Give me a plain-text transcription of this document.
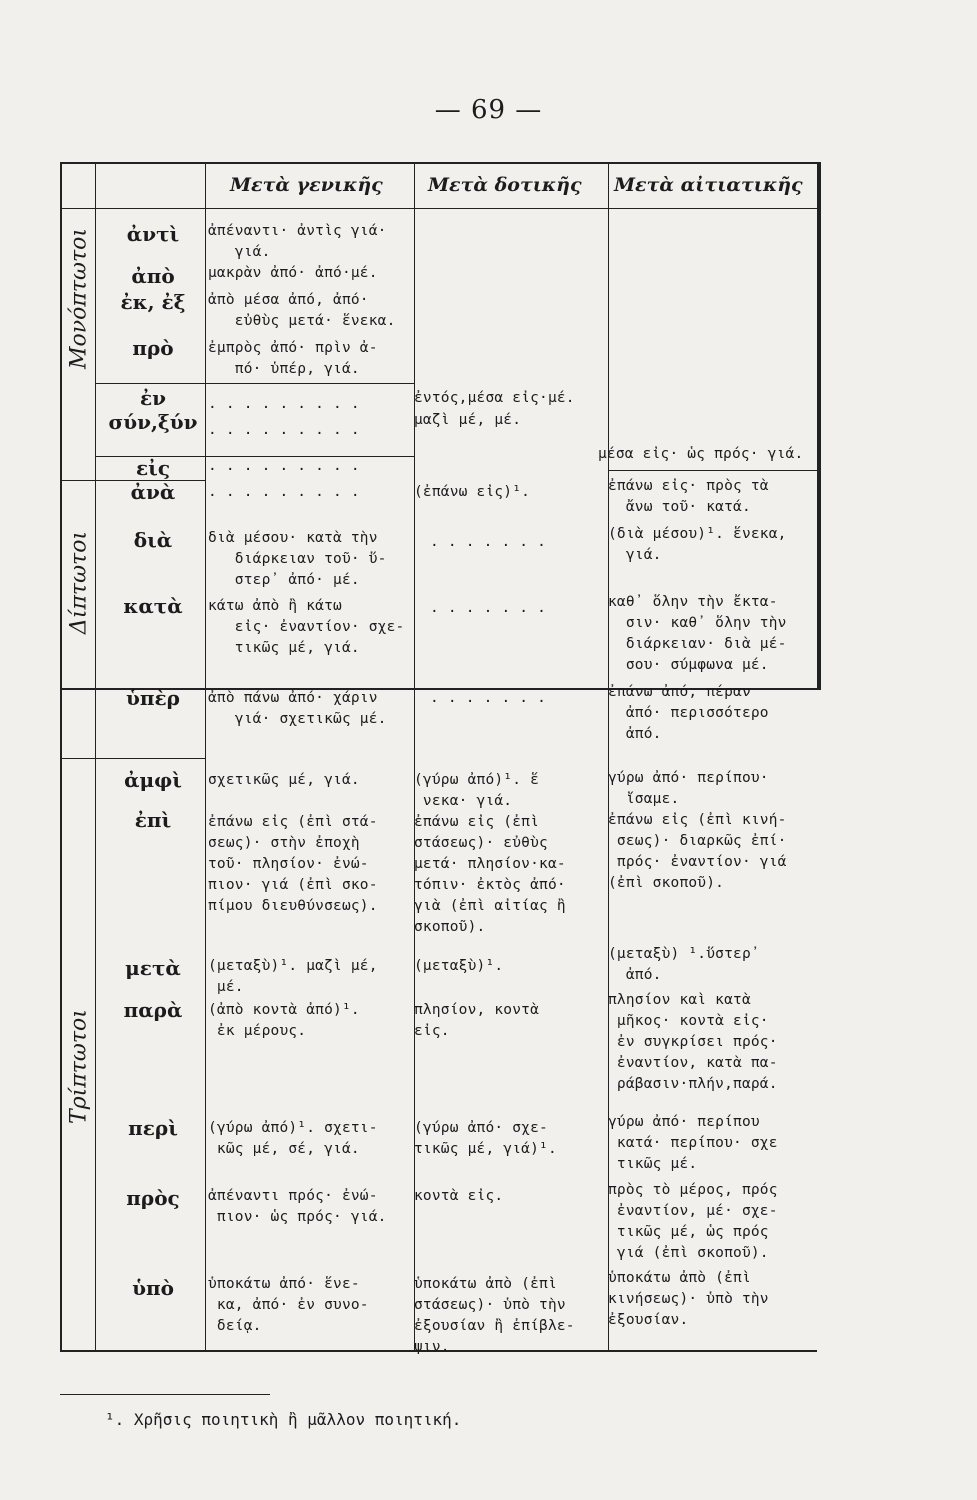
— 69 —
Μετὰ γενικῆς Μετὰ δοτικῆς Μετὰ αἰτιατικῆς
Μονόπτωτοι
Δίπτωτοι
Τρίπτωτοι
ἀντὶ
ἀπὸ
ἐκ, ἐξ
πρὸ
ἐν
σύν,ξύν
εἰς
ἀνὰ
διὰ
κατὰ
ὑπὲρ
ἀμφὶ
ἐπὶ
μετὰ
παρὰ
περὶ
πρὸς
ὑπὸ
ἀπέναντι· ἀντὶς γιά·
γιά.
μακρὰν ἀπό· ἀπό·μέ.
ἀπὸ μέσα ἀπό, ἀπό·
εὐθὺς μετά· ἕνεκα.
ἐμπρὸς ἀπό· πρὶν ἀ-
πό· ὑπέρ, γιά.
. . . . . . . . .
. . . . . . . . .
. . . . . . . . .
. . . . . . . . .
διὰ μέσου· κατὰ τὴν
διάρκειαν τοῦ· ὕ-
στερ᾽ ἀπό· μέ.
κάτω ἀπὸ ἢ κάτω
εἰς· ἐναντίον· σχε-
τικῶς μέ, γιά.
ἀπὸ πάνω ἀπό· χάριν
γιά· σχετικῶς μέ.
σχετικῶς μέ, γιά.
ἐπάνω εἰς (ἐπὶ στά-
σεως)· στὴν ἐποχὴ
τοῦ· πλησίον· ἐνώ-
πιον· γιά (ἐπὶ σκο-
πίμου διευθύνσεως).
(μεταξὺ)¹. μαζὶ μέ,
μέ.
(ἀπὸ κοντὰ ἀπό)¹.
ἐκ μέρους.
(γύρω ἀπό)¹. σχετι-
κῶς μέ, σέ, γιά.
ἀπέναντι πρός· ἐνώ-
πιον· ὡς πρός· γιά.
ὑποκάτω ἀπό· ἕνε-
κα, ἀπό· ἐν συνο-
δείᾳ.
ἐντός,μέσα εἰς·μέ.
μαζὶ μέ, μέ.
(ἐπάνω εἰς)¹.
. . . . . . .
. . . . . . .
. . . . . . .
(γύρω ἀπό)¹. ἕ
νεκα· γιά.
ἐπάνω εἰς (ἐπὶ
στάσεως)· εὐθὺς
μετά· πλησίον·κα-
τόπιν· ἐκτὸς ἀπό·
γιὰ (ἐπὶ αἰτίας ἢ
σκοποῦ).
(μεταξὺ)¹.
πλησίον, κοντὰ
εἰς.
(γύρω ἀπό· σχε-
τικῶς μέ, γιά)¹.
κοντὰ εἰς.
ὑποκάτω ἀπὸ (ἐπὶ
στάσεως)· ὑπὸ τὴν
ἐξουσίαν ἢ ἐπίβλε-
ψιν.
μέσα εἰς· ὡς πρός· γιά.
ἐπάνω εἰς· πρὸς τὰ
ἄνω τοῦ· κατά.
(διὰ μέσου)¹. ἕνεκα,
γιά.
καθ᾽ ὅλην τὴν ἔκτα-
σιν· καθ᾽ ὅλην τὴν
διάρκειαν· διὰ μέ-
σου· σύμφωνα μέ.
ἐπάνω ἀπό, πέραν
ἀπό· περισσότερο
ἀπό.
γύρω ἀπό· περίπου·
ἴσαμε.
ἐπάνω εἰς (ἐπὶ κινή-
σεως)· διαρκῶς ἐπί·
πρός· ἐναντίον· γιά
(ἐπὶ σκοποῦ).
(μεταξὺ) ¹.ὕστερ᾽
ἀπό.
πλησίον καὶ κατὰ
μῆκος· κοντὰ εἰς·
ἐν συγκρίσει πρός·
ἐναντίον, κατὰ πα-
ράβασιν·πλήν,παρά.
γύρω ἀπό· περίπου
κατά· περίπου· σχε
τικῶς μέ.
πρὸς τὸ μέρος, πρός
ἐναντίον, μέ· σχε-
τικῶς μέ, ὡς πρός
γιά (ἐπὶ σκοποῦ).
ὑποκάτω ἀπὸ (ἐπὶ
κινήσεως)· ὑπὸ τὴν
ἐξουσίαν.
¹. Χρῆσις ποιητικὴ ἢ μᾶλλον ποιητική.
